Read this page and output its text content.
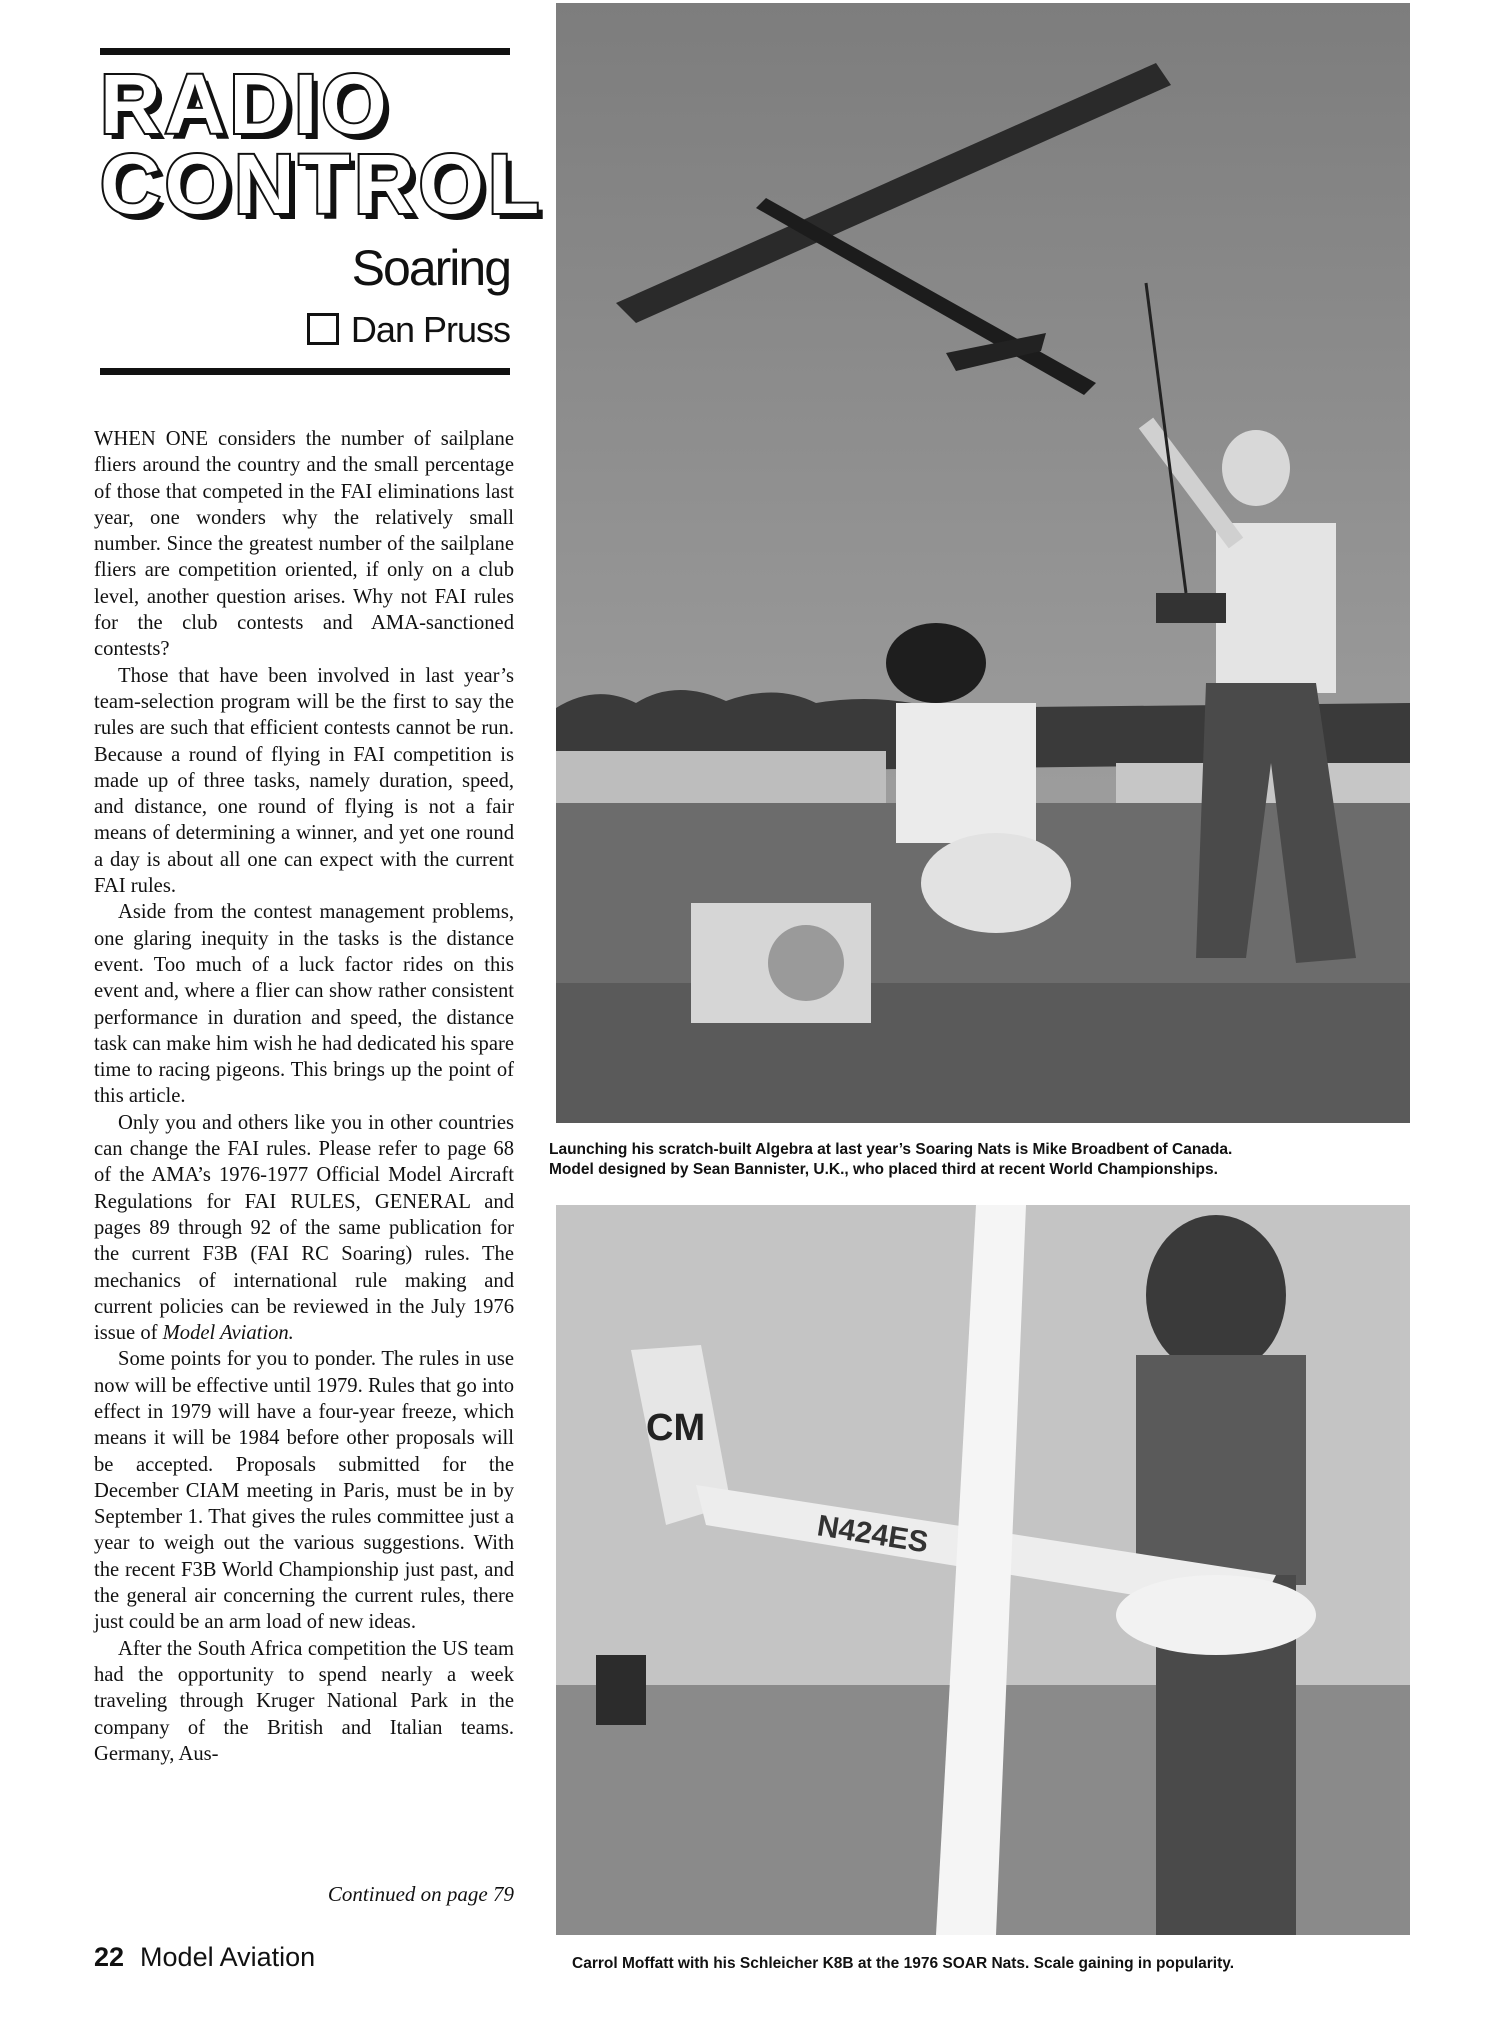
RADIO
CONTROL
Soaring
Dan Pruss

WHEN ONE considers the number of sailplane fliers around the country and the small percentage of those that competed in the FAI eliminations last year, one wonders why the relatively small number. Since the greatest number of the sailplane fliers are competition oriented, if only on a club level, another question arises. Why not FAI rules for the club contests and AMA-sanctioned contests?

Those that have been involved in last year’s team-selection program will be the first to say the rules are such that efficient contests cannot be run. Because a round of flying in FAI competition is made up of three tasks, namely duration, speed, and distance, one round of flying is not a fair means of determining a winner, and yet one round a day is about all one can expect with the current FAI rules.

Aside from the contest management problems, one glaring inequity in the tasks is the distance event. Too much of a luck factor rides on this event and, where a flier can show rather consistent performance in duration and speed, the distance task can make him wish he had dedicated his spare time to racing pigeons. This brings up the point of this article.

Only you and others like you in other countries can change the FAI rules. Please refer to page 68 of the AMA’s 1976-1977 Official Model Aircraft Regulations for FAI RULES, GENERAL and pages 89 through 92 of the same publication for the current F3B (FAI RC Soaring) rules. The mechanics of international rule making and current policies can be reviewed in the July 1976 issue of Model Aviation.

Some points for you to ponder. The rules in use now will be effective until 1979. Rules that go into effect in 1979 will have a four-year freeze, which means it will be 1984 before other proposals will be accepted. Proposals submitted for the December CIAM meeting in Paris, must be in by September 1. That gives the rules committee just a year to weigh out the various suggestions. With the recent F3B World Championship just past, and the general air concerning the current rules, there just could be an arm load of new ideas.

After the South Africa competition the US team had the opportunity to spend nearly a week traveling through Kruger National Park in the company of the British and Italian teams. Germany, Aus-

Continued on page 79
22 Model Aviation
Launching his scratch-built Algebra at last year’s Soaring Nats is Mike Broadbent of Canada.
Model designed by Sean Bannister, U.K., who placed third at recent World Championships.
CM
N424ES
Carrol Moffatt with his Schleicher K8B at the 1976 SOAR Nats. Scale gaining in popularity.
